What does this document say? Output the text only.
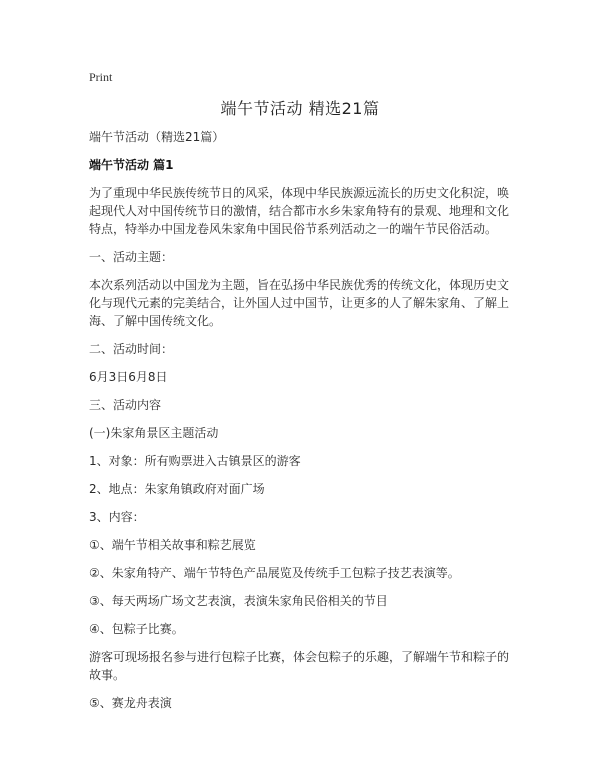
Print
端午节活动 精选21篇

端午节活动（精选21篇）

端午节活动 篇1

为了重现中华民族传统节日的风采，体现中华民族源远流长的历史文化积淀，唤起现代人对中国传统节日的激情，结合都市水乡朱家角特有的景观、地理和文化特点，特举办中国龙卷风朱家角中国民俗节系列活动之一的端午节民俗活动。

一、活动主题：

本次系列活动以中国龙为主题，旨在弘扬中华民族优秀的传统文化，体现历史文化与现代元素的完美结合，让外国人过中国节，让更多的人了解朱家角、了解上海、了解中国传统文化。

二、活动时间：

6月3日6月8日

三、活动内容

(一)朱家角景区主题活动

1、对象：所有购票进入古镇景区的游客

2、地点：朱家角镇政府对面广场

3、内容：

①、端午节相关故事和粽艺展览

②、朱家角特产、端午节特色产品展览及传统手工包粽子技艺表演等。

③、每天两场广场文艺表演，表演朱家角民俗相关的节目

④、包粽子比赛。

游客可现场报名参与进行包粽子比赛，体会包粽子的乐趣，了解端午节和粽子的故事。

⑤、赛龙舟表演
